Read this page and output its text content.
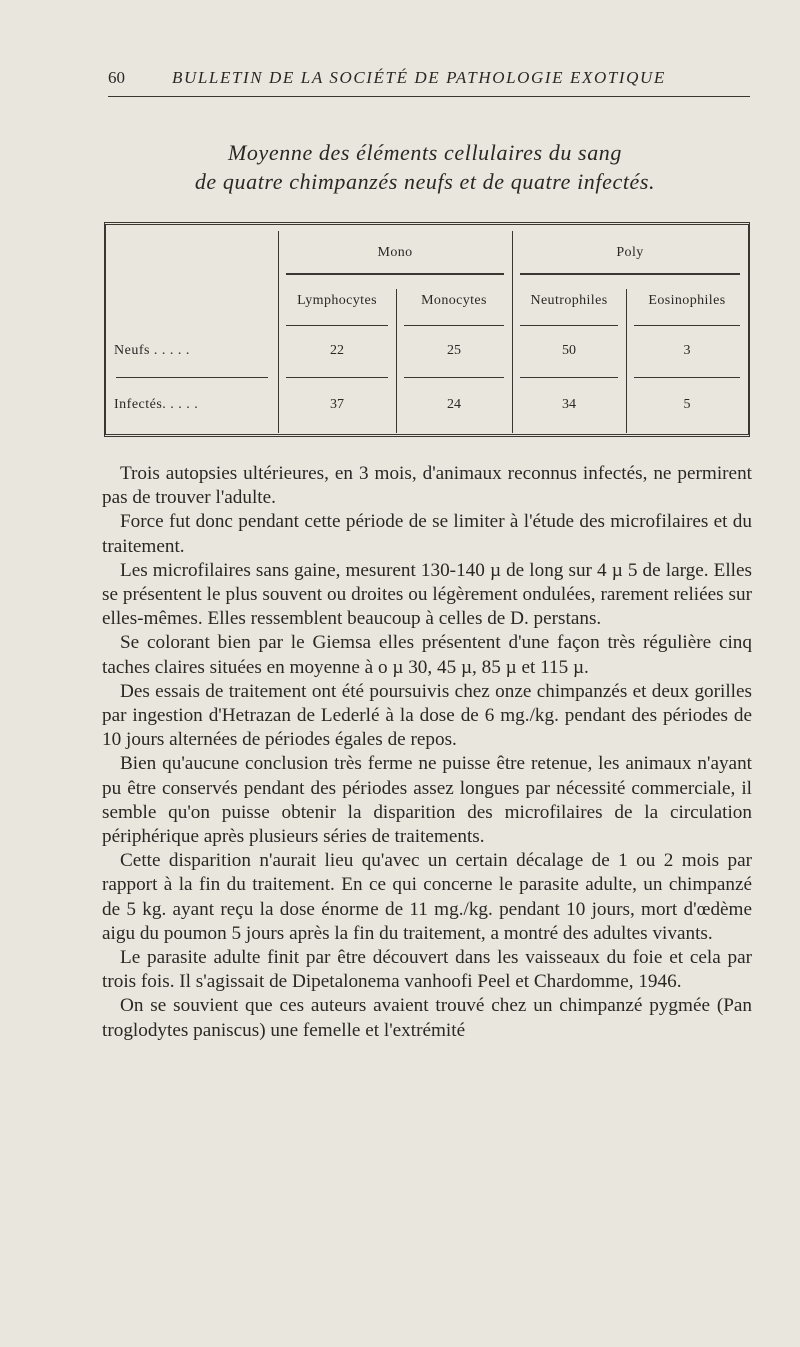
60	BULLETIN DE LA SOCIÉTÉ DE PATHOLOGIE EXOTIQUE
Moyenne des éléments cellulaires du sang
de quatre chimpanzés neufs et de quatre infectés.
Mono	Poly
Lymphocytes	Monocytes	Neutrophiles	Eosinophiles
Neufs . . . . .	22	25	50	3
Infectés. . . . .	37	24	34	5

Trois autopsies ultérieures, en 3 mois, d'animaux reconnus infectés, ne permirent pas de trouver l'adulte.

Force fut donc pendant cette période de se limiter à l'étude des microfilaires et du traitement.

Les microfilaires sans gaine, mesurent 130-140 µ de long sur 4 µ 5 de large. Elles se présentent le plus souvent ou droites ou légèrement ondulées, rarement reliées sur elles-mêmes. Elles ressemblent beaucoup à celles de D. perstans.

Se colorant bien par le Giemsa elles présentent d'une façon très régulière cinq taches claires situées en moyenne à o µ 30, 45 µ, 85 µ et 115 µ.

Des essais de traitement ont été poursuivis chez onze chimpanzés et deux gorilles par ingestion d'Hetrazan de Lederlé à la dose de 6 mg./kg. pendant des périodes de 10 jours alternées de périodes égales de repos.

Bien qu'aucune conclusion très ferme ne puisse être retenue, les animaux n'ayant pu être conservés pendant des périodes assez longues par nécessité commerciale, il semble qu'on puisse obtenir la disparition des microfilaires de la circulation périphérique après plusieurs séries de traitements.

Cette disparition n'aurait lieu qu'avec un certain décalage de 1 ou 2 mois par rapport à la fin du traitement. En ce qui concerne le parasite adulte, un chimpanzé de 5 kg. ayant reçu la dose énorme de 11 mg./kg. pendant 10 jours, mort d'œdème aigu du poumon 5 jours après la fin du traitement, a montré des adultes vivants.

Le parasite adulte finit par être découvert dans les vaisseaux du foie et cela par trois fois. Il s'agissait de Dipetalonema vanhoofi Peel et Chardomme, 1946.

On se souvient que ces auteurs avaient trouvé chez un chimpanzé pygmée (Pan troglodytes paniscus) une femelle et l'extrémité
